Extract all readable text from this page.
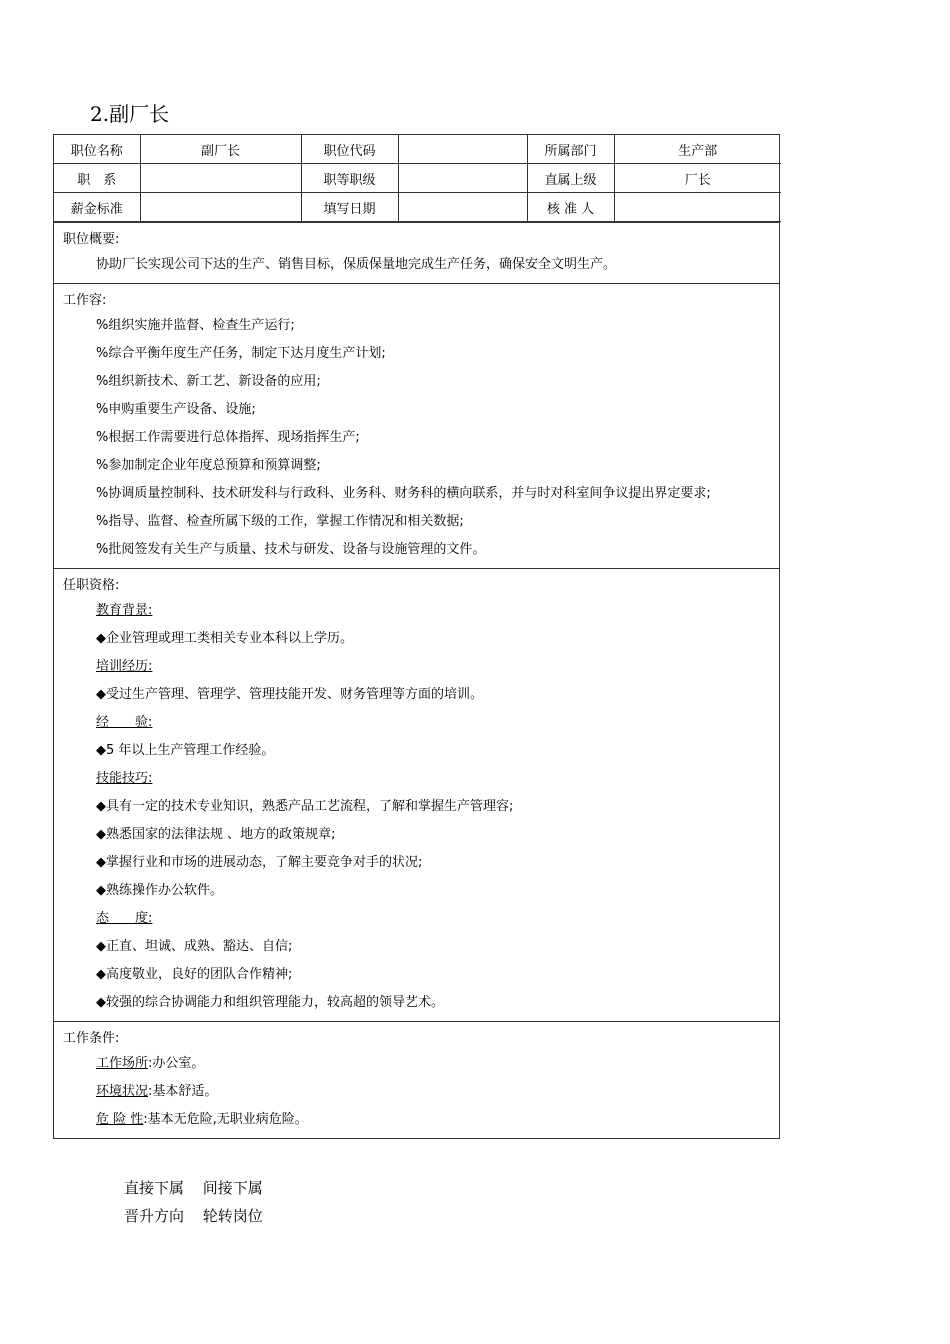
2.副厂长
职位名称	副厂长	职位代码		所属部门	生产部
职　系		职等职级		直属上级	厂长
薪金标准		填写日期		核 准 人	

职位概要:

协助厂长实现公司下达的生产、销售目标，保质保量地完成生产任务，确保安全文明生产。

工作容:

%组织实施并监督、检查生产运行;

%综合平衡年度生产任务，制定下达月度生产计划;

%组织新技术、新工艺、新设备的应用;

%申购重要生产设备、设施;

%根据工作需要进行总体指挥、现场指挥生产;

%参加制定企业年度总预算和预算调整;

%协调质量控制科、技术研发科与行政科、业务科、财务科的横向联系，并与时对科室间争议提出界定要求;

%指导、监督、检查所属下级的工作，掌握工作情况和相关数据;

%批阅签发有关生产与质量、技术与研发、设备与设施管理的文件。

任职资格:

教育背景:

◆企业管理或理工类相关专业本科以上学历。

培训经历:

◆受过生产管理、管理学、管理技能开发、财务管理等方面的培训。

经　　验:

◆5 年以上生产管理工作经验。

技能技巧:

◆具有一定的技术专业知识，熟悉产品工艺流程，了解和掌握生产管理容;

◆熟悉国家的法律法规 、地方的政策规章;

◆掌握行业和市场的进展动态，了解主要竞争对手的状况;

◆熟练操作办公软件。

态　　度:

◆正直、坦诚、成熟、豁达、自信;

◆高度敬业，良好的团队合作精神;

◆较强的综合协调能力和组织管理能力，较高超的领导艺术。

工作条件:

工作场所:办公室。

环境状况:基本舒适。

危 险 性:基本无危险,无职业病危险。

直接下属 间接下属
晋升方向 轮转岗位
